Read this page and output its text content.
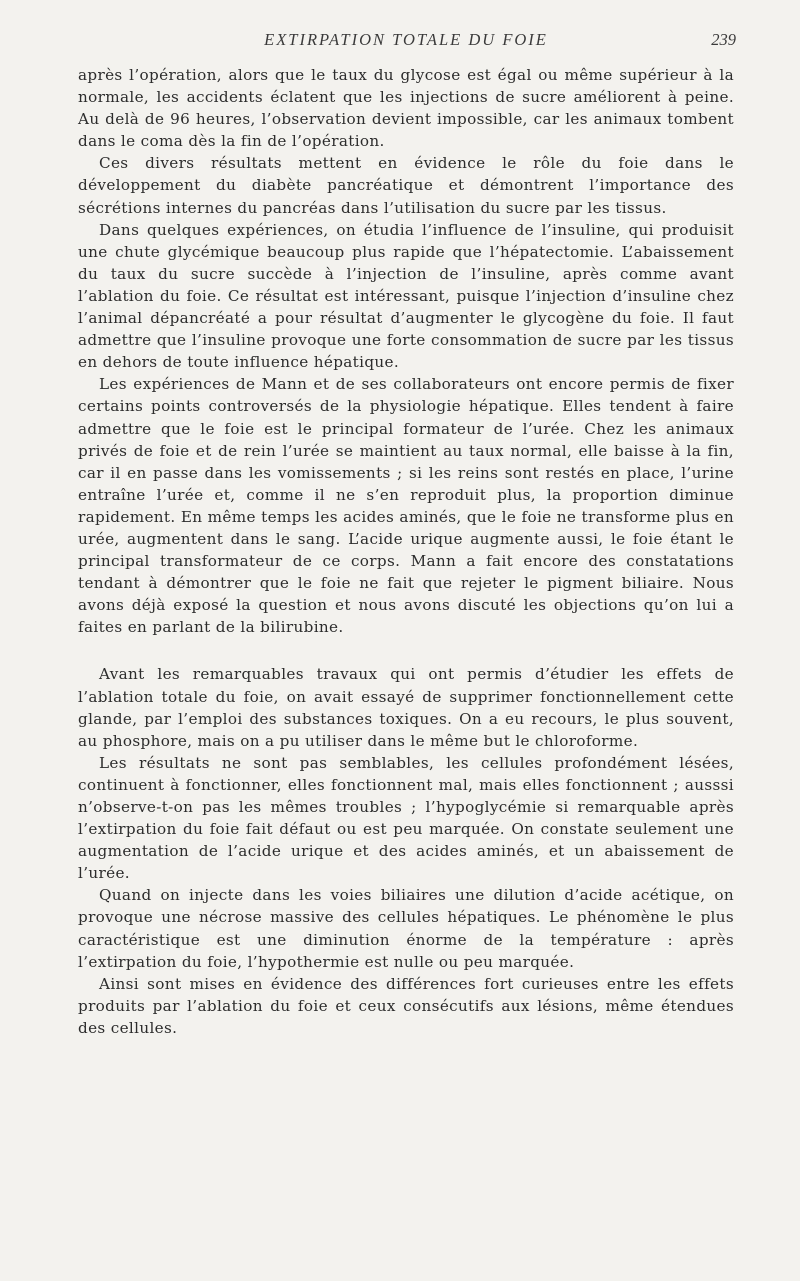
EXTIRPATION TOTALE DU FOIE	239

après l’opération, alors que le taux du glycose est égal ou même supérieur à la normale, les accidents éclatent que les injections de sucre améliorent à peine. Au delà de 96 heures, l’observation devient impossible, car les animaux tombent dans le coma dès la fin de l’opération.

Ces divers résultats mettent en évidence le rôle du foie dans le développement du diabète pancréatique et démontrent l’importance des sécrétions internes du pancréas dans l’utilisation du sucre par les tissus.

Dans quelques expériences, on étudia l’influence de l’insuline, qui produisit une chute glycémique beaucoup plus rapide que l’hépatectomie. L’abaissement du taux du sucre succède à l’injection de l’insuline, après comme avant l’ablation du foie. Ce résultat est intéressant, puisque l’injection d’insuline chez l’animal dépancréaté a pour résultat d’augmenter le glycogène du foie. Il faut admettre que l’insuline provoque une forte consommation de sucre par les tissus en dehors de toute influence hépatique.

Les expériences de Mann et de ses collaborateurs ont encore permis de fixer certains points controversés de la physiologie hépatique. Elles tendent à faire admettre que le foie est le principal formateur de l’urée. Chez les animaux privés de foie et de rein l’urée se maintient au taux normal, elle baisse à la fin, car il en passe dans les vomissements ; si les reins sont restés en place, l’urine entraîne l’urée et, comme il ne s’en reproduit plus, la proportion diminue rapidement. En même temps les acides aminés, que le foie ne transforme plus en urée, augmentent dans le sang. L’acide urique augmente aussi, le foie étant le principal transformateur de ce corps. Mann a fait encore des constatations tendant à démontrer que le foie ne fait que rejeter le pigment biliaire. Nous avons déjà exposé la question et nous avons discuté les objections qu’on lui a faites en parlant de la bilirubine.

Avant les remarquables travaux qui ont permis d’étudier les effets de l’ablation totale du foie, on avait essayé de supprimer fonctionnellement cette glande, par l’emploi des substances toxiques. On a eu recours, le plus souvent, au phosphore, mais on a pu utiliser dans le même but le chloroforme.

Les résultats ne sont pas semblables, les cellules profondément lésées, continuent à fonctionner, elles fonctionnent mal, mais elles fonctionnent ; ausssi n’observe-t-on pas les mêmes troubles ; l’hypoglycémie si remarquable après l’extirpation du foie fait défaut ou est peu marquée. On constate seulement une augmentation de l’acide urique et des acides aminés, et un abaissement de l’urée.

Quand on injecte dans les voies biliaires une dilution d’acide acétique, on provoque une nécrose massive des cellules hépatiques. Le phénomène le plus caractéristique est une diminution énorme de la température : après l’extirpation du foie, l’hypothermie est nulle ou peu marquée.

Ainsi sont mises en évidence des différences fort curieuses entre les effets produits par l’ablation du foie et ceux consécutifs aux lésions, même étendues des cellules.
